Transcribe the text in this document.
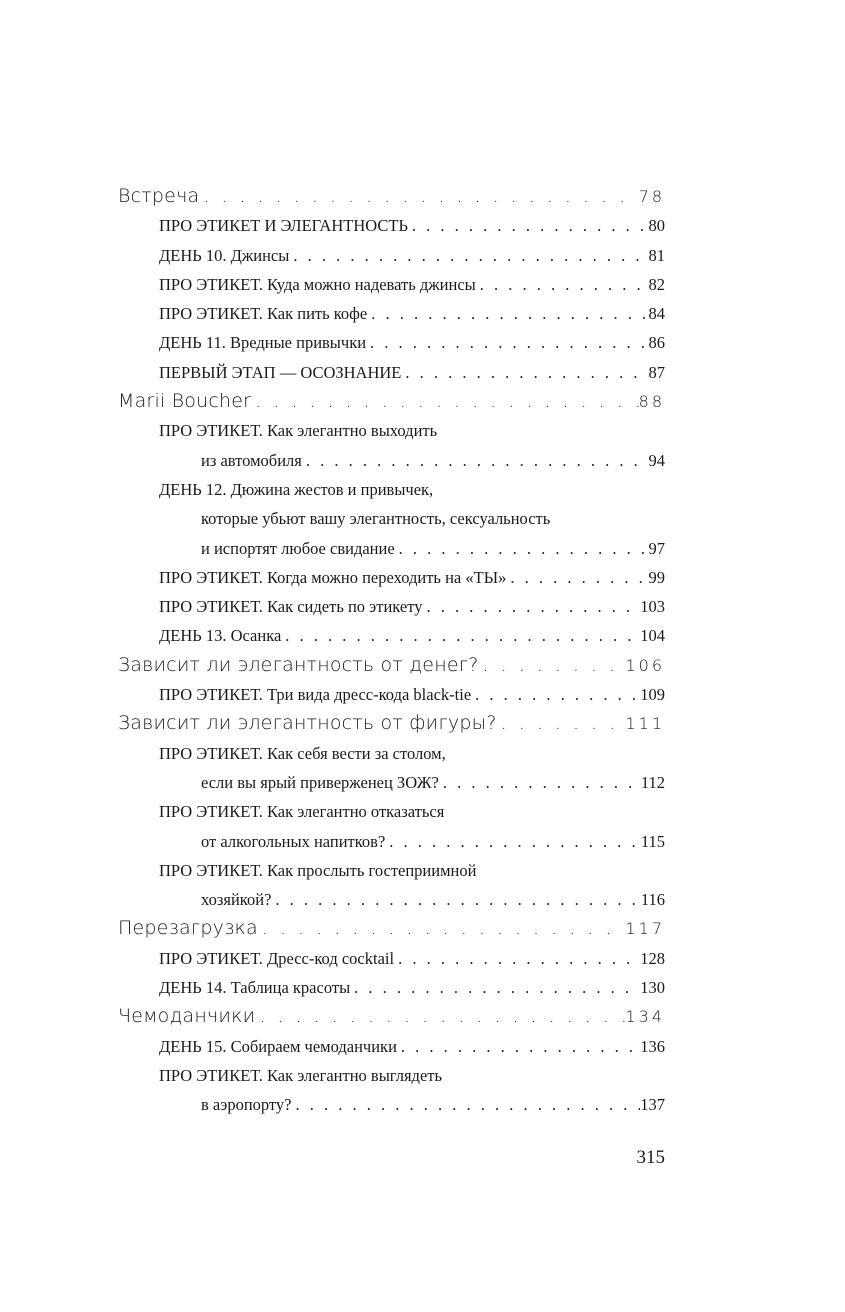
Встреча . . .	78
ПРО ЭТИКЕТ И ЭЛЕГАНТНОСТЬ . . .	80
ДЕНЬ 10. Джинсы . . .	81
ПРО ЭТИКЕТ. Куда можно надевать джинсы . . .	82
ПРО ЭТИКЕТ. Как пить кофе . . .	84
ДЕНЬ 11. Вредные привычки . . .	86
ПЕРВЫЙ ЭТАП — ОСОЗНАНИЕ . . .	87
Marii Boucher . . .	88
ПРО ЭТИКЕТ. Как элегантно выходить
из автомобиля . . .	94
ДЕНЬ 12. Дюжина жестов и привычек,
которые убьют вашу элегантность, сексуальность
и испортят любое свидание . . .	97
ПРО ЭТИКЕТ. Когда можно переходить на «ТЫ» . . .	99
ПРО ЭТИКЕТ. Как сидеть по этикету . . .	103
ДЕНЬ 13. Осанка . . .	104
Зависит ли элегантность от денег? . . .	106
ПРО ЭТИКЕТ. Три вида дресс-кода black-tie . . .	109
Зависит ли элегантность от фигуры? . . .	111
ПРО ЭТИКЕТ. Как себя вести за столом,
если вы ярый приверженец ЗОЖ? . . .	112
ПРО ЭТИКЕТ. Как элегантно отказаться
от алкогольных напитков? . . .	115
ПРО ЭТИКЕТ. Как прослыть гостеприимной
хозяйкой? . . .	116
Перезагрузка . . .	117
ПРО ЭТИКЕТ. Дресс-код cocktail . . .	128
ДЕНЬ 14. Таблица красоты . . .	130
Чемоданчики . . .	134
ДЕНЬ 15. Собираем чемоданчики . . .	136
ПРО ЭТИКЕТ. Как элегантно выглядеть
в аэропорту? . . .	137
315
